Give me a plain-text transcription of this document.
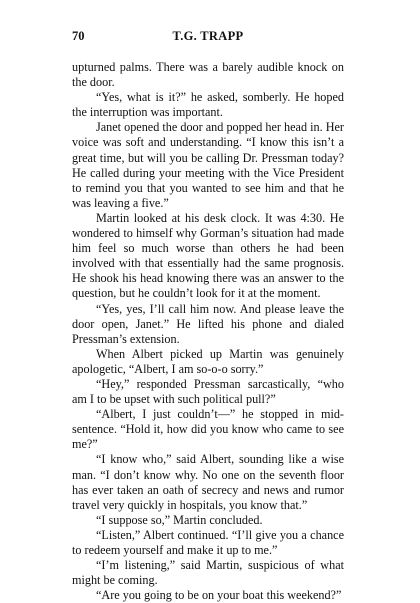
70	T.G. TRAPP

upturned palms. There was a barely audible knock on the door.

“Yes, what is it?” he asked, somberly. He hoped the interruption was important.

Janet opened the door and popped her head in. Her voice was soft and understanding. “I know this isn’t a great time, but will you be calling Dr. Pressman today? He called during your meeting with the Vice President to remind you that you wanted to see him and that he was leaving a five.”

Martin looked at his desk clock. It was 4:30. He wondered to himself why Gorman’s situation had made him feel so much worse than others he had been involved with that essentially had the same prognosis. He shook his head knowing there was an answer to the question, but he couldn’t look for it at the moment.

“Yes, yes, I’ll call him now. And please leave the door open, Janet.” He lifted his phone and dialed Pressman’s extension.

When Albert picked up Martin was genuinely apologetic, “Albert, I am so-o-o sorry.”

“Hey,” responded Pressman sarcastically, “who am I to be upset with such political pull?”

“Albert, I just couldn’t—” he stopped in mid-sentence. “Hold it, how did you know who came to see me?”

“I know who,” said Albert, sounding like a wise man. “I don’t know why. No one on the seventh floor has ever taken an oath of secrecy and news and rumor travel very quickly in hospitals, you know that.”

“I suppose so,” Martin concluded.

“Listen,” Albert continued. “I’ll give you a chance to redeem yourself and make it up to me.”

“I’m listening,” said Martin, suspicious of what might be coming.

“Are you going to be on your boat this weekend?”
